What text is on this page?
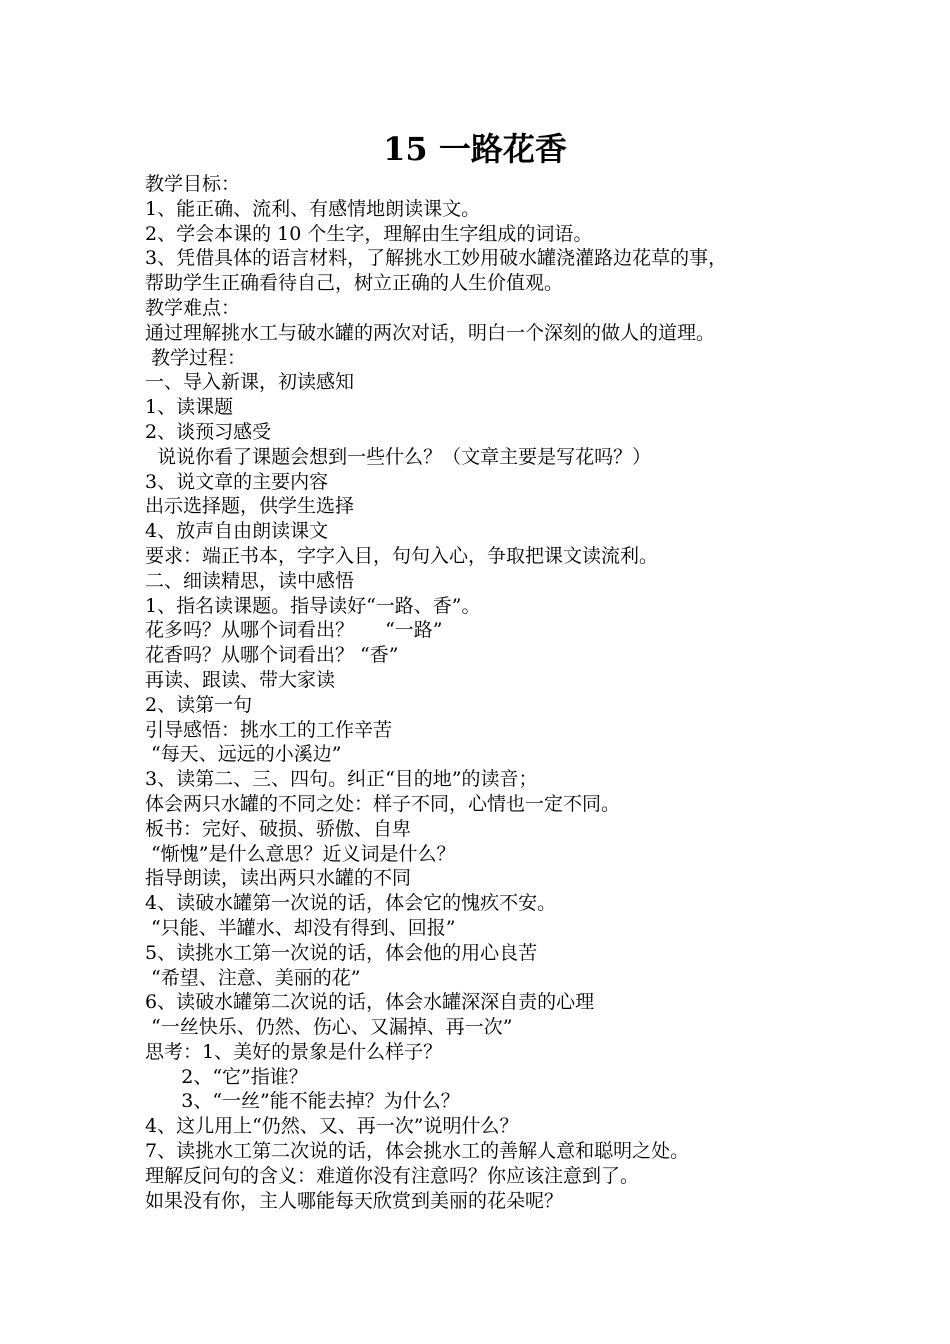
15 一路花香
教学目标：
1、能正确、流利、有感情地朗读课文。
2、学会本课的 10 个生字，理解由生字组成的词语。
3、凭借具体的语言材料，了解挑水工妙用破水罐浇灌路边花草的事，
帮助学生正确看待自己，树立正确的人生价值观。
教学难点：
通过理解挑水工与破水罐的两次对话，明白一个深刻的做人的道理。
教学过程：
一、导入新课，初读感知
1、读课题
2、谈预习感受
说说你看了课题会想到一些什么？（文章主要是写花吗？）
3、说文章的主要内容
出示选择题，供学生选择
4、放声自由朗读课文
要求：端正书本，字字入目，句句入心，争取把课文读流利。
二、细读精思，读中感悟
1、指名读课题。指导读好“一路、香”。
花多吗？从哪个词看出？　  “一路”
花香吗？从哪个词看出？ “香”
再读、跟读、带大家读
2、读第一句
引导感悟：挑水工的工作辛苦
“每天、远远的小溪边”
3、读第二、三、四句。纠正“目的地”的读音；
体会两只水罐的不同之处：样子不同，心情也一定不同。
板书：完好、破损、骄傲、自卑
“惭愧”是什么意思？近义词是什么？
指导朗读，读出两只水罐的不同
4、读破水罐第一次说的话，体会它的愧疚不安。
“只能、半罐水、却没有得到、回报”
5、读挑水工第一次说的话，体会他的用心良苦
“希望、注意、美丽的花”
6、读破水罐第二次说的话，体会水罐深深自责的心理
“一丝快乐、仍然、伤心、又漏掉、再一次”
思考：1、美好的景象是什么样子？
2、“它”指谁？
3、“一丝”能不能去掉？为什么？
4、这儿用上“仍然、又、再一次”说明什么？
7、读挑水工第二次说的话，体会挑水工的善解人意和聪明之处。
理解反问句的含义：难道你没有注意吗？你应该注意到了。
如果没有你，主人哪能每天欣赏到美丽的花朵呢？
